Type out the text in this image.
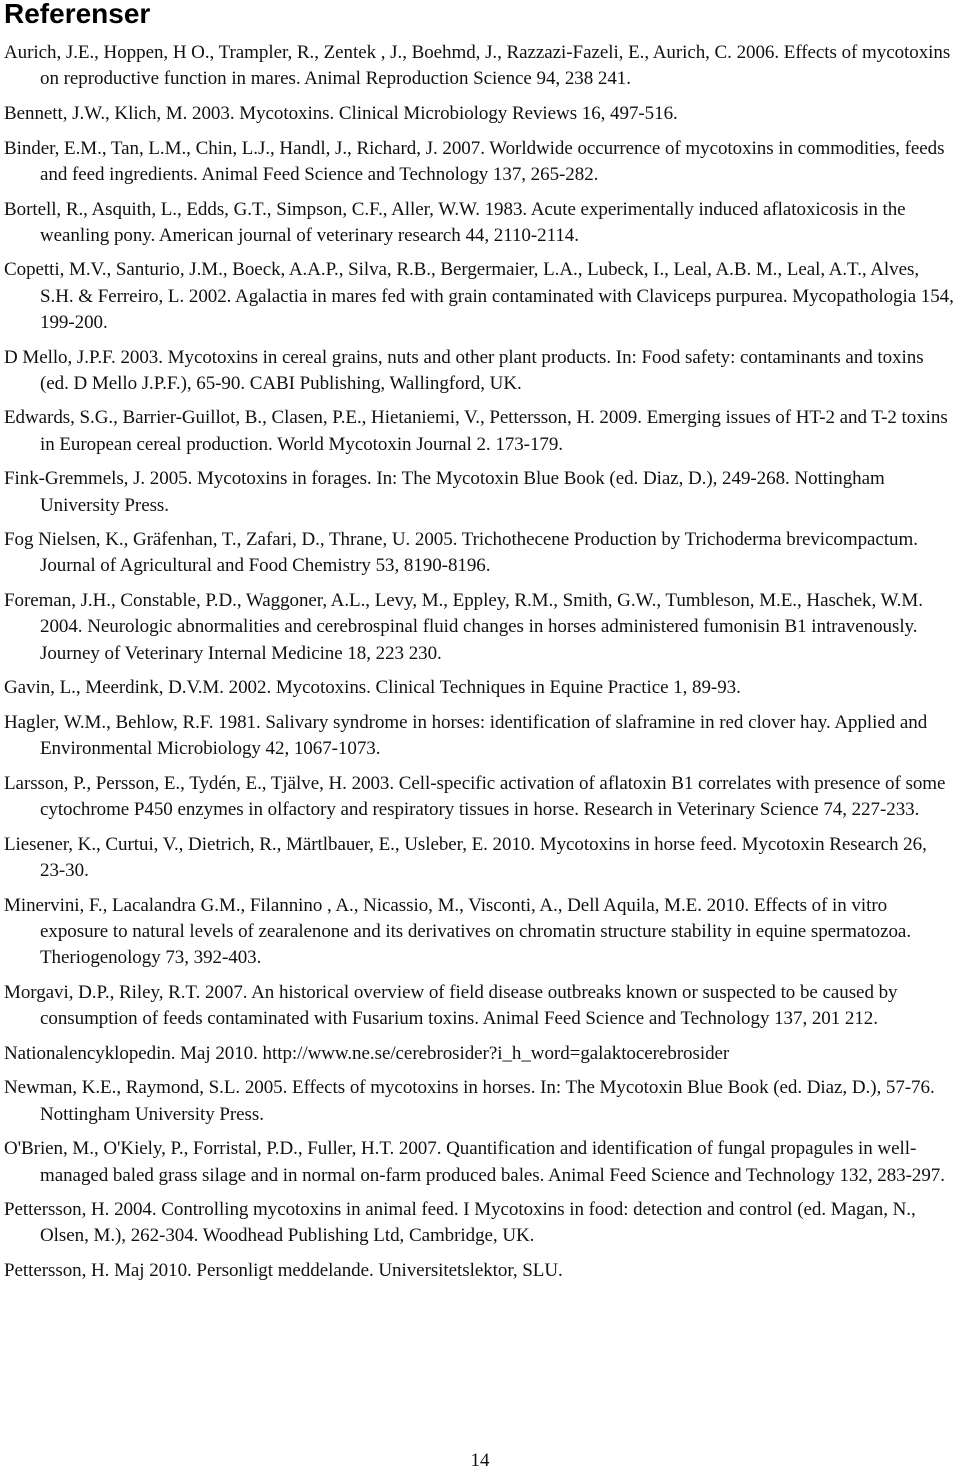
Referenser

Aurich, J.E., Hoppen, H O., Trampler, R., Zentek , J., Boehmd, J., Razzazi-Fazeli, E., Aurich, C. 2006. Effects of mycotoxins on reproductive function in mares. Animal Reproduction Science 94, 238 241.

Bennett, J.W., Klich, M. 2003. Mycotoxins. Clinical Microbiology Reviews 16, 497-516.

Binder, E.M., Tan, L.M., Chin, L.J., Handl, J., Richard, J. 2007. Worldwide occurrence of mycotoxins in commodities, feeds and feed ingredients. Animal Feed Science and Technology 137, 265-282.

Bortell, R., Asquith, L., Edds, G.T., Simpson, C.F., Aller, W.W. 1983. Acute experimentally induced aflatoxicosis in the weanling pony. American journal of veterinary research 44, 2110-2114.

Copetti, M.V., Santurio, J.M., Boeck, A.A.P., Silva, R.B., Bergermaier, L.A., Lubeck, I., Leal, A.B. M., Leal, A.T., Alves, S.H. & Ferreiro, L. 2002. Agalactia in mares fed with grain contaminated with Claviceps purpurea. Mycopathologia 154, 199-200.

D Mello, J.P.F. 2003. Mycotoxins in cereal grains, nuts and other plant products. In: Food safety: contaminants and toxins (ed. D Mello J.P.F.), 65-90. CABI Publishing, Wallingford, UK.

Edwards, S.G., Barrier-Guillot, B., Clasen, P.E., Hietaniemi, V., Pettersson, H. 2009. Emerging issues of HT-2 and T-2 toxins in European cereal production. World Mycotoxin Journal 2. 173-179.

Fink-Gremmels, J. 2005. Mycotoxins in forages. In: The Mycotoxin Blue Book (ed. Diaz, D.), 249-268. Nottingham University Press.

Fog Nielsen, K., Gräfenhan, T., Zafari, D., Thrane, U. 2005. Trichothecene Production by Trichoderma brevicompactum. Journal of Agricultural and Food Chemistry 53, 8190-8196.

Foreman, J.H., Constable, P.D., Waggoner, A.L., Levy, M., Eppley, R.M., Smith, G.W., Tumbleson, M.E., Haschek, W.M. 2004. Neurologic abnormalities and cerebrospinal fluid changes in horses administered fumonisin B1 intravenously. Journey of Veterinary Internal Medicine 18, 223 230.

Gavin, L., Meerdink, D.V.M. 2002. Mycotoxins. Clinical Techniques in Equine Practice 1, 89-93.

Hagler, W.M., Behlow, R.F. 1981. Salivary syndrome in horses: identification of slaframine in red clover hay. Applied and Environmental Microbiology 42, 1067-1073.

Larsson, P., Persson, E., Tydén, E., Tjälve, H. 2003. Cell-specific activation of aflatoxin B1 correlates with presence of some cytochrome P450 enzymes in olfactory and respiratory tissues in horse. Research in Veterinary Science 74, 227-233.

Liesener, K., Curtui, V., Dietrich, R., Märtlbauer, E., Usleber, E. 2010. Mycotoxins in horse feed. Mycotoxin Research 26, 23-30.

Minervini, F., Lacalandra G.M., Filannino , A., Nicassio, M., Visconti, A., Dell Aquila, M.E. 2010. Effects of in vitro exposure to natural levels of zearalenone and its derivatives on chromatin structure stability in equine spermatozoa. Theriogenology 73, 392-403.

Morgavi, D.P., Riley, R.T. 2007. An historical overview of field disease outbreaks known or suspected to be caused by consumption of feeds contaminated with Fusarium toxins. Animal Feed Science and Technology 137, 201 212.

Nationalencyklopedin. Maj 2010. http://www.ne.se/cerebrosider?i_h_word=galaktocerebrosider

Newman, K.E., Raymond, S.L. 2005. Effects of mycotoxins in horses. In: The Mycotoxin Blue Book (ed. Diaz, D.), 57-76. Nottingham University Press.

O'Brien, M., O'Kiely, P., Forristal, P.D., Fuller, H.T. 2007. Quantification and identification of fungal propagules in well-managed baled grass silage and in normal on-farm produced bales. Animal Feed Science and Technology 132, 283-297.

Pettersson, H. 2004. Controlling mycotoxins in animal feed. I Mycotoxins in food: detection and control (ed. Magan, N., Olsen, M.), 262-304. Woodhead Publishing Ltd, Cambridge, UK.

Pettersson, H. Maj 2010. Personligt meddelande. Universitetslektor, SLU.

14
